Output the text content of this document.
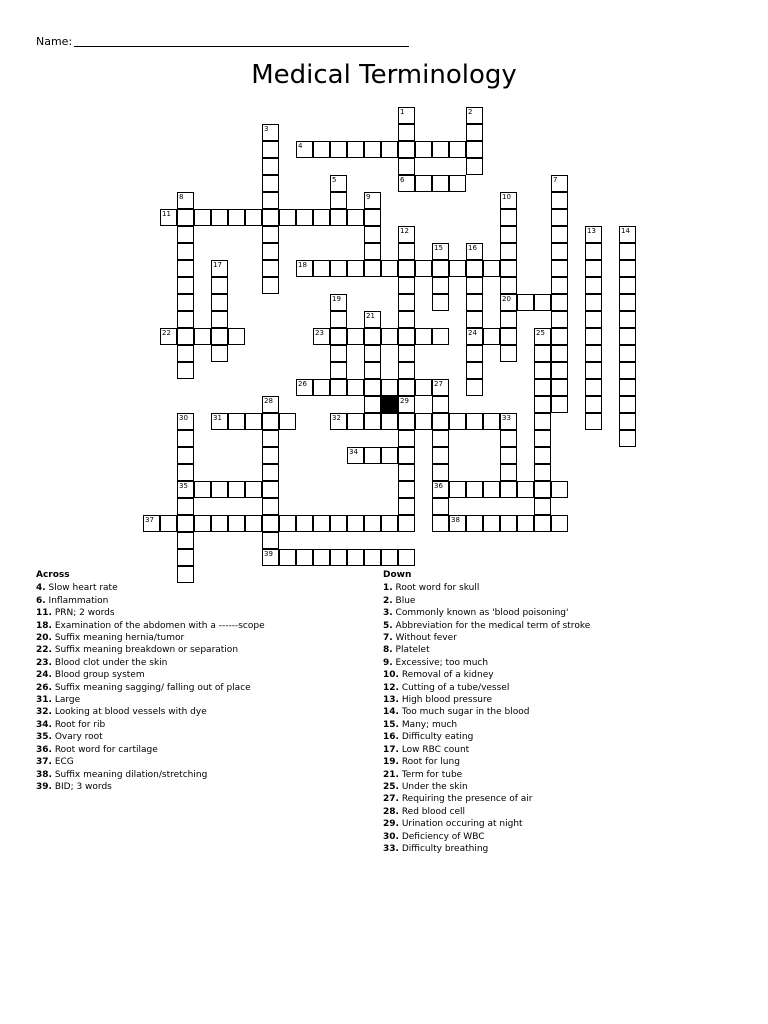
Name:
Medical Terminology
1	2
3
4
5	6	7
8	9	10
11
12	13	14
15	16
17	18
19	20
21
22	23	24	25
26	27
28	29
30	31	32	33
34
35	36
37	38
39
Across
4. Slow heart rate
6. Inflammation
11. PRN; 2 words
18. Examination of the abdomen with a ------scope
20. Suffix meaning hernia/tumor
22. Suffix meaning breakdown or separation
23. Blood clot under the skin
24. Blood group system
26. Suffix meaning sagging/ falling out of place
31. Large
32. Looking at blood vessels with dye
34. Root for rib
35. Ovary root
36. Root word for cartilage
37. ECG
38. Suffix meaning dilation/stretching
39. BID; 3 words
Down
1. Root word for skull
2. Blue
3. Commonly known as 'blood poisoning'
5. Abbreviation for the medical term of stroke
7. Without fever
8. Platelet
9. Excessive; too much
10. Removal of a kidney
12. Cutting of a tube/vessel
13. High blood pressure
14. Too much sugar in the blood
15. Many; much
16. Difficulty eating
17. Low RBC count
19. Root for lung
21. Term for tube
25. Under the skin
27. Requiring the presence of air
28. Red blood cell
29. Urination occuring at night
30. Deficiency of WBC
33. Difficulty breathing
